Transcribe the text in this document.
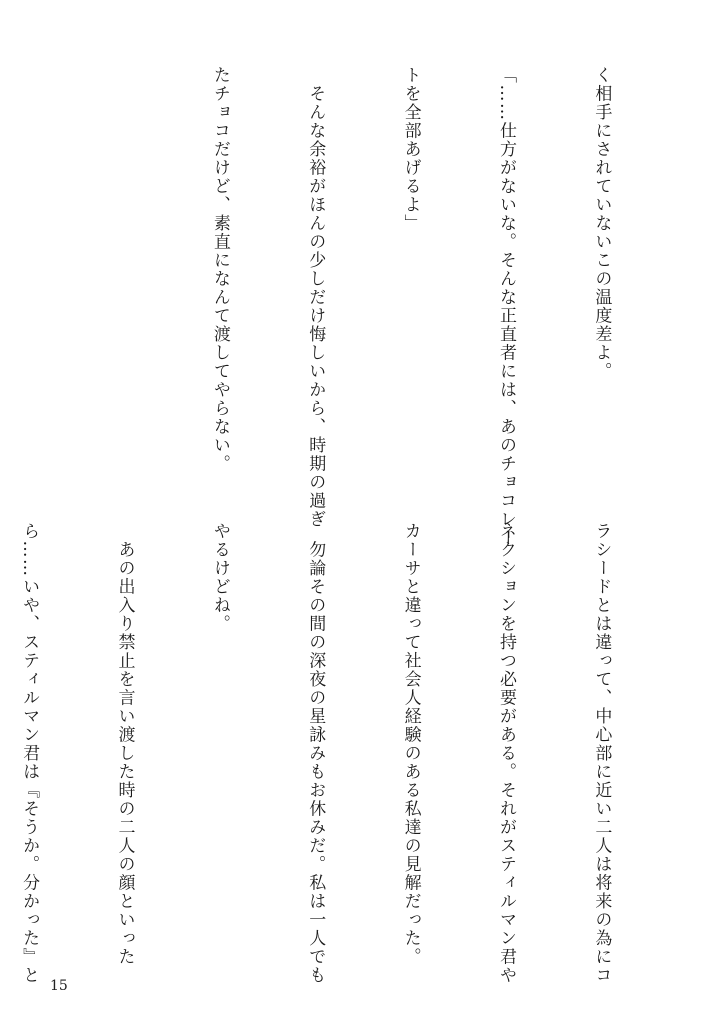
く相手にされていないこの温度差よ。

「……仕方がないな。そんな正直者には、あのチョコレー

トを全部あげるよ」

　そんな余裕がほんの少しだけ悔しいから、時期の過ぎ

たチョコだけど、素直になんて渡してやらない。

ラシードとは違って、中心部に近い二人は将来の為にコ

ネクションを持つ必要がある。それがスティルマン君や

カーサと違って社会人経験のある私達の見解だった。

　勿論その間の深夜の星詠みもお休みだ。私は一人でも

やるけどね。

　あの出入り禁止を言い渡した時の二人の顔といった

ら……いや、スティルマン君は『そうか。分かった』と

15
